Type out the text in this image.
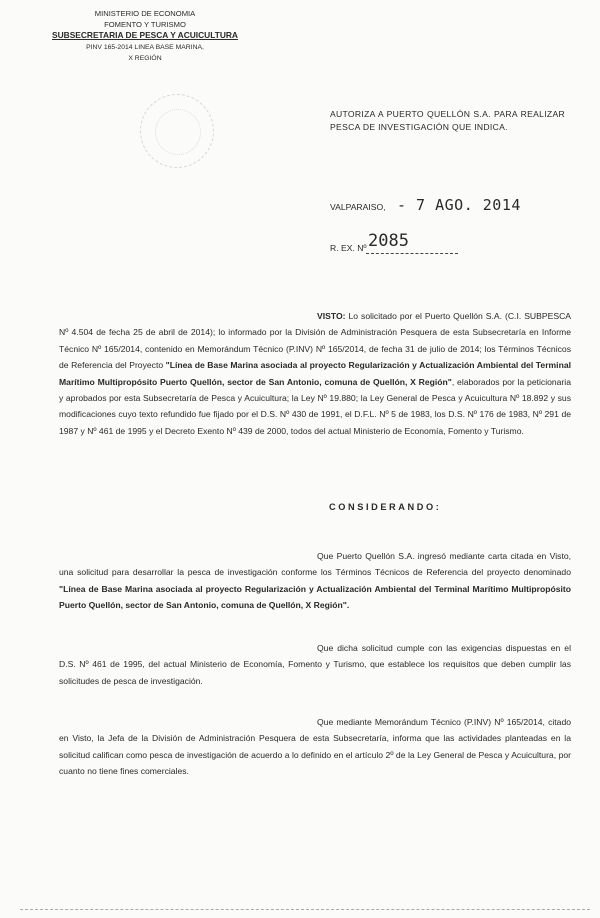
MINISTERIO DE ECONOMIA
FOMENTO Y TURISMO
SUBSECRETARIA DE PESCA Y ACUICULTURA
PINV 165-2014 LINEA BASE MARINA,
X REGIÓN
AUTORIZA A PUERTO QUELLÓN S.A. PARA REALIZAR PESCA DE INVESTIGACIÓN QUE INDICA.
VALPARAISO, - 7 AGO. 2014
R. EX. Nº 2085
VISTO: Lo solicitado por el Puerto Quellón S.A. (C.I. SUBPESCA Nº 4.504 de fecha 25 de abril de 2014); lo informado por la División de Administración Pesquera de esta Subsecretaría en Informe Técnico Nº 165/2014, contenido en Memorándum Técnico (P.INV) Nº 165/2014, de fecha 31 de julio de 2014; los Términos Técnicos de Referencia del Proyecto "Línea de Base Marina asociada al proyecto Regularización y Actualización Ambiental del Terminal Marítimo Multipropósito Puerto Quellón, sector de San Antonio, comuna de Quellón, X Región", elaborados por la peticionaria y aprobados por esta Subsecretaría de Pesca y Acuicultura; la Ley Nº 19.880; la Ley General de Pesca y Acuicultura Nº 18.892 y sus modificaciones cuyo texto refundido fue fijado por el D.S. Nº 430 de 1991, el D.F.L. Nº 5 de 1983, los D.S. Nº 176 de 1983, Nº 291 de 1987 y Nº 461 de 1995 y el Decreto Exento Nº 439 de 2000, todos del actual Ministerio de Economía, Fomento y Turismo.
CONSIDERANDO:
Que Puerto Quellón S.A. ingresó mediante carta citada en Visto, una solicitud para desarrollar la pesca de investigación conforme los Términos Técnicos de Referencia del proyecto denominado "Línea de Base Marina asociada al proyecto Regularización y Actualización Ambiental del Terminal Marítimo Multipropósito Puerto Quellón, sector de San Antonio, comuna de Quellón, X Región".
Que dicha solicitud cumple con las exigencias dispuestas en el D.S. Nº 461 de 1995, del actual Ministerio de Economía, Fomento y Turismo, que establece los requisitos que deben cumplir las solicitudes de pesca de investigación.
Que mediante Memorándum Técnico (P.INV) Nº 165/2014, citado en Visto, la Jefa de la División de Administración Pesquera de esta Subsecretaría, informa que las actividades planteadas en la solicitud califican como pesca de investigación de acuerdo a lo definido en el artículo 2º de la Ley General de Pesca y Acuicultura, por cuanto no tiene fines comerciales.
